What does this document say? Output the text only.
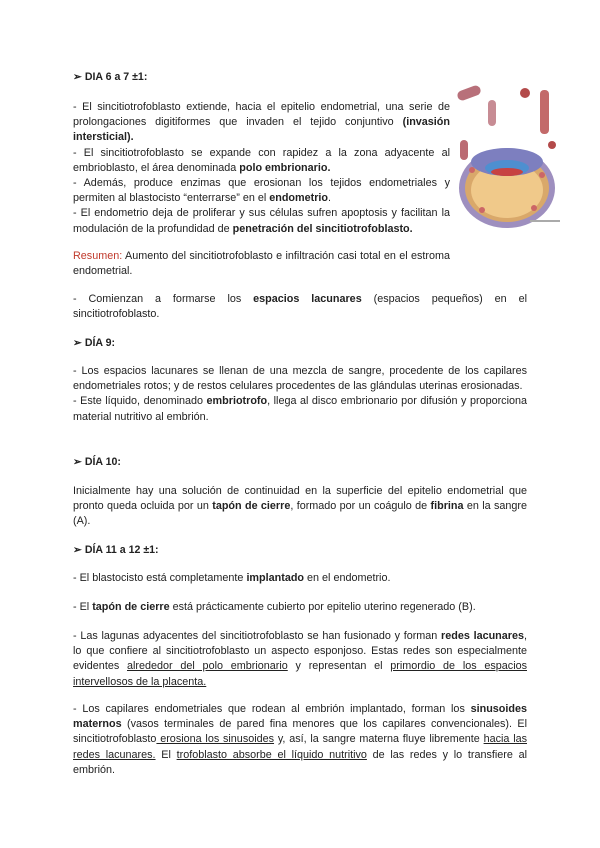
➢ DIA 6 a 7 ±1:

- El sincitiotrofoblasto extiende, hacia el epitelio endometrial, una serie de prolongaciones digitiformes que invaden el tejido conjuntivo (invasión intersticial).

- El sincitiotrofoblasto se expande con rapidez a la zona adyacente al embrioblasto, el área denominada polo embrionario.

- Además, produce enzimas que erosionan los tejidos endometriales y permiten al blastocisto “enterrarse” en el endometrio.

- El endometrio deja de proliferar y sus células sufren apoptosis y facilitan la modulación de la profundidad de penetración del sincitiotrofoblasto.

Resumen: Aumento del sincitiotrofoblasto e infiltración casi total en el estroma endometrial.
- Comienzan a formarse los espacios lacunares (espacios pequeños) en el sincitiotrofoblasto.
➢ DÍA 9:

- Los espacios lacunares se llenan de una mezcla de sangre, procedente de los capilares endometriales rotos; y de restos celulares procedentes de las glándulas uterinas erosionadas.

- Este líquido, denominado embriotrofo, llega al disco embrionario por difusión y proporciona material nutritivo al embrión.

➢ DÍA 10:
Inicialmente hay una solución de continuidad en la superficie del epitelio endometrial que pronto queda ocluida por un tapón de cierre, formado por un coágulo de fibrina en la sangre (A).
➢ DÍA 11 a 12 ±1:
- El blastocisto está completamente implantado en el endometrio.
- El tapón de cierre está prácticamente cubierto por epitelio uterino regenerado (B).
- Las lagunas adyacentes del sincitiotrofoblasto se han fusionado y forman redes lacunares, lo que confiere al sincitiotrofoblasto un aspecto esponjoso. Estas redes son especialmente evidentes alrededor del polo embrionario y representan el primordio de los espacios intervellosos de la placenta.
- Los capilares endometriales que rodean al embrión implantado, forman los sinusoides maternos (vasos terminales de pared fina menores que los capilares convencionales). El sincitiotrofoblasto erosiona los sinusoides y, así, la sangre materna fluye libremente hacia las redes lacunares. El trofoblasto absorbe el líquido nutritivo de las redes y lo transfiere al embrión.
